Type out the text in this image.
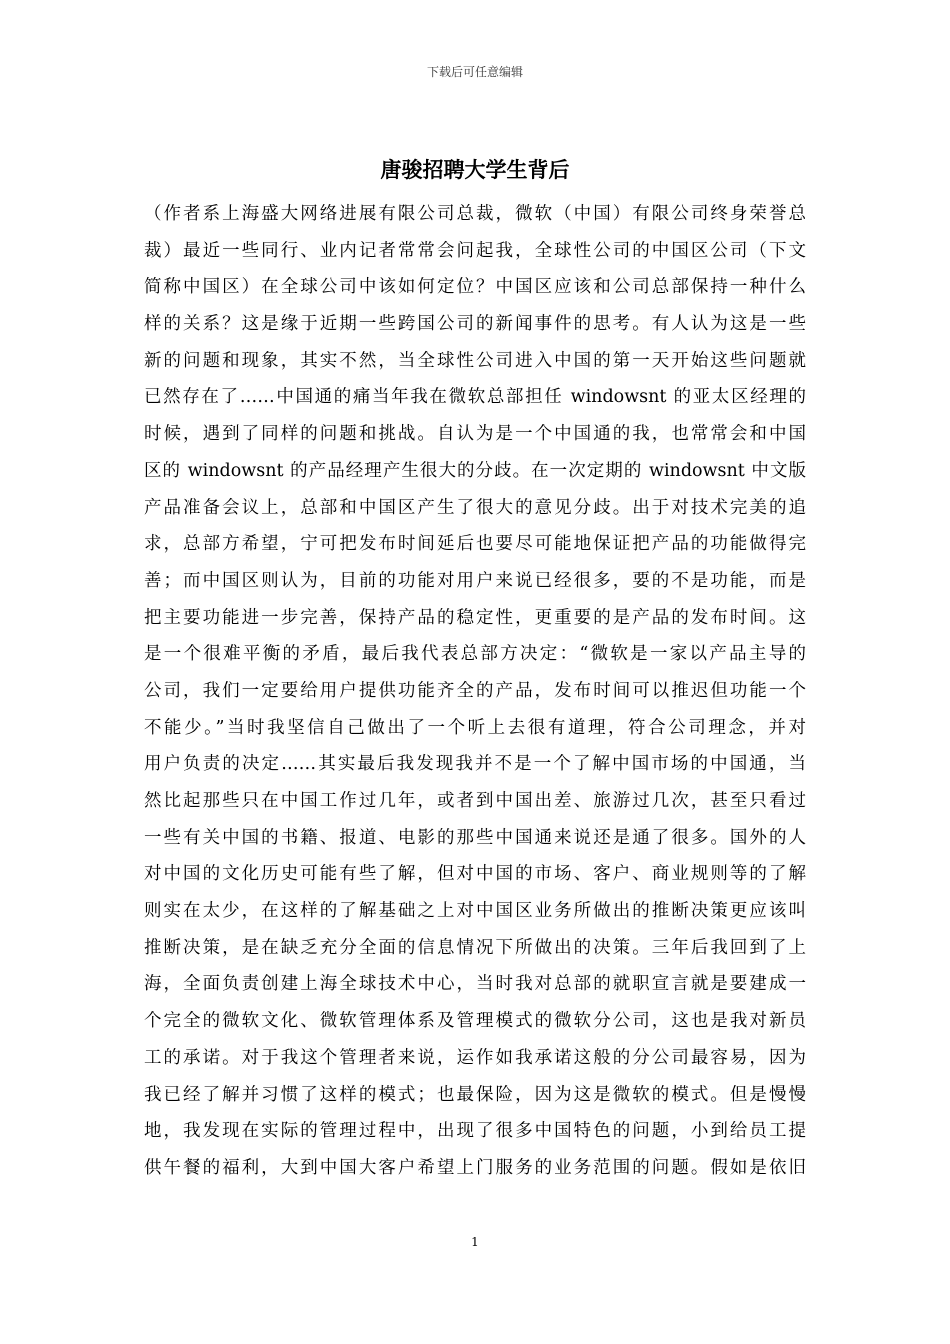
下载后可任意编辑
唐骏招聘大学生背后
（作者系上海盛大网络进展有限公司总裁，微软（中国）有限公司终身荣誉总
裁）最近一些同行、业内记者常常会问起我，全球性公司的中国区公司（下文
简称中国区）在全球公司中该如何定位？中国区应该和公司总部保持一种什么
样的关系？这是缘于近期一些跨国公司的新闻事件的思考。有人认为这是一些
新的问题和现象，其实不然，当全球性公司进入中国的第一天开始这些问题就
已然存在了……中国通的痛当年我在微软总部担任 windowsnt 的亚太区经理的
时候，遇到了同样的问题和挑战。自认为是一个中国通的我，也常常会和中国
区的 windowsnt 的产品经理产生很大的分歧。在一次定期的 windowsnt 中文版
产品准备会议上，总部和中国区产生了很大的意见分歧。出于对技术完美的追
求，总部方希望，宁可把发布时间延后也要尽可能地保证把产品的功能做得完
善；而中国区则认为，目前的功能对用户来说已经很多，要的不是功能，而是
把主要功能进一步完善，保持产品的稳定性，更重要的是产品的发布时间。这
是一个很难平衡的矛盾，最后我代表总部方决定：“微软是一家以产品主导的
公司，我们一定要给用户提供功能齐全的产品，发布时间可以推迟但功能一个
不能少。”当时我坚信自己做出了一个听上去很有道理，符合公司理念，并对
用户负责的决定……其实最后我发现我并不是一个了解中国市场的中国通，当
然比起那些只在中国工作过几年，或者到中国出差、旅游过几次，甚至只看过
一些有关中国的书籍、报道、电影的那些中国通来说还是通了很多。国外的人
对中国的文化历史可能有些了解，但对中国的市场、客户、商业规则等的了解
则实在太少，在这样的了解基础之上对中国区业务所做出的推断决策更应该叫
推断决策，是在缺乏充分全面的信息情况下所做出的决策。三年后我回到了上
海，全面负责创建上海全球技术中心，当时我对总部的就职宣言就是要建成一
个完全的微软文化、微软管理体系及管理模式的微软分公司，这也是我对新员
工的承诺。对于我这个管理者来说，运作如我承诺这般的分公司最容易，因为
我已经了解并习惯了这样的模式；也最保险，因为这是微软的模式。但是慢慢
地，我发现在实际的管理过程中，出现了很多中国特色的问题，小到给员工提
供午餐的福利，大到中国大客户希望上门服务的业务范围的问题。假如是依旧
1
